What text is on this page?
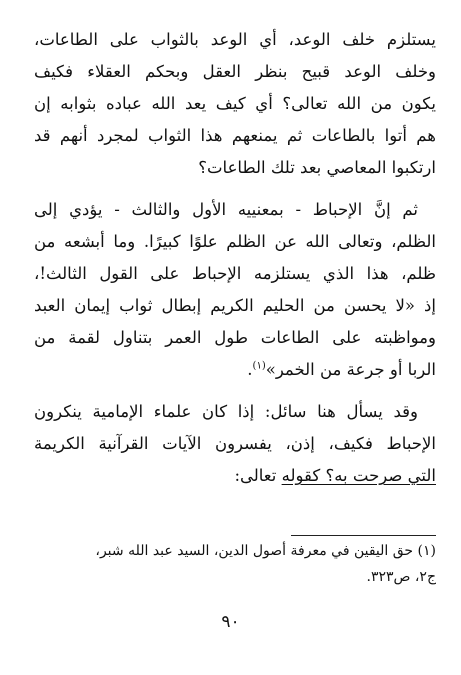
يستلزم خلف الوعد، أي الوعد بالثواب على الطاعات،
وخلف الوعد قبيح بنظر العقل وبحكم العقلاء فكيف
يكون من الله تعالى؟ أي كيف يعد الله عباده بثوابه إن
هم أتوا بالطاعات ثم يمنعهم هذا الثواب لمجرد أنهم قد
ارتكبوا المعاصي بعد تلك الطاعات؟

ثم إنَّ الإحباط - بمعنييه الأول والثالث - يؤدي إلى
الظلم، وتعالى الله عن الظلم علوًا كبيرًا. وما أبشعه من
ظلم، هذا الذي يستلزمه الإحباط على القول الثالث!،
إذ «لا يحسن من الحليم الكريم إبطال ثواب إيمان العبد
ومواظبته على الطاعات طول العمر بتناول لقمة من
الربا أو جرعة من الخمر»$^{(١)}$.

وقد يسأل هنا سائل: إذا كان علماء الإمامية ينكرون
الإحباط فكيف، إذن، يفسرون الآيات القرآنية الكريمة
التي صرحت به؟ كقوله تعالى:

(١) حق اليقين في معرفة أصول الدين، السيد عبد الله شبر،
ج٢، ص٣٢٣.
٩٠
